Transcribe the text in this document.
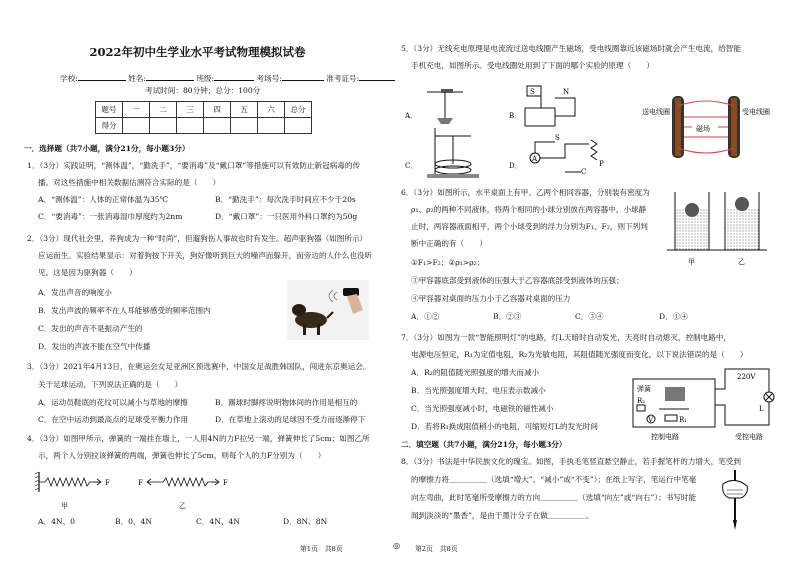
2022年初中生学业水平考试物理模拟试卷
学校:	姓名:	班级:	考场号:	准考证号:
考试时间：80分钟；总分：100分
题号	一	二	三	四	五	六	总分
得分							
一．选择题（共7小题，满分21分，每小题3分）
1．（3分）实践证明，“测体温”，“勤洗手”，“要消毒”及“戴口罩”等措施可以有效防止新冠病毒的传
播。对这些措施中相关数据估测符合实际的是（　　）
A．“测体温”：人体的正常体温为35℃	B．“勤洗手”：每次洗手时间应不少于20s
C．“要消毒”：一张消毒湿巾厚度约为2nm	D．“戴口罩”：一只医用外科口罩约为50g
2．（3分）现代社会里，养狗成为一种“时尚”，但遛狗伤人事故也时有发生。超声驱狗器（如图所示）
应运而生。实验结果显示：对着狗按下开关，狗好像听到巨大的噪声而躲开，而旁边的人什么也没听
见。这是因为驱狗器（　　）
A．发出声音的响度小
B．发出声波的频率不在人耳能够感受的频率范围内
C．发出的声音不是振动产生的
D．发出的声波不能在空气中传播
3．（3分）2021年4月13日，在奥运会女足亚洲区预选赛中，中国女足战胜韩国队，闯进东京奥运会。
关于足球运动，下列说法正确的是（　　）
A．运动员鞋底的花纹可以减小与草地的摩擦	B．踢球时脚疼说明物体间的作用是相互的
C．在空中运动到最高点的足球受平衡力作用	D．在草地上滚动的足球因不受力而逐渐停下
4．（3分）如图甲所示，弹簧的一端挂在墙上，一人用4N的力F拉另一端，弹簧伸长了5cm；如图乙所
示，两个人分别拉该弹簧的两端，弹簧也伸长了5cm，则每个人的力F分别为（　　）
F	F	F
甲	乙
A．4N、0	B．0、4N	C．4N、4N	D．8N、8N
第1页　共8页	◎
5．（3分）无线充电原理是电流流过送电线圈产生磁场，受电线圈靠近该磁场时就会产生电流，给智能
手机充电，如图所示。受电线圈处用到了下面的哪个实验的原理（　　）
A．	B．
S	N
C．	D．
A
S
C
P
磁场
送电线圈	受电线圈
6．（3分）如图所示，水平桌面上有甲、乙两个相同容器，分别装有密度为
ρ₁、ρ₂的两种不同液体，将两个相同的小球分别放在两容器中，小球静
止时，两容器液面相平，两个小球受到的浮力分别为F₁、F₂，则下列判
断中正确的有（　　）
①F₁>F₂；②ρ₁>ρ₂；
③甲容器底部受到液体的压强大于乙容器底部受到液体的压强；
④甲容器对桌面的压力小于乙容器对桌面的压力
A．①②	B．②③	C．③④	D．①④
甲	乙
7．（3分）如图为一款“智能照明灯”的电路，灯L天暗时自动发光，天亮时自动熄灭，控制电路中，
电源电压恒定，R₁为定值电阻，R₂为光敏电阻，其阻值随光强度而变化，以下说法错误的是（　　）
A．R₂的阻值随光照强度的增大而减小
B．当光照强度增大时，电压表示数减小
C．当光照强度减小时，电磁铁的磁性减小
D．若将R₁换成阻值稍小的电阻，可缩短灯L的发光时间
弹簧
V	R₁
R₂
220V
L
控制电路	受控电路
二．填空题（共7小题，满分21分，每小题3分）
8．（3分）书法是中华民族文化的瑰宝。如图，手执毛笔竖直悬空静止，若手握笔杆的力增大，笔受到
的摩擦力将＿＿＿＿＿（选填“增大”、“减小”或“不变”）；在纸上写字，笔运行中笔毫
向左弯曲，此时笔毫所受摩擦力的方向＿＿＿＿＿（选填“向左”或“向右”）；书写时能
闻到淡淡的“墨香”，是由于墨汁分子在做＿＿＿＿＿。
第2页　共8页
